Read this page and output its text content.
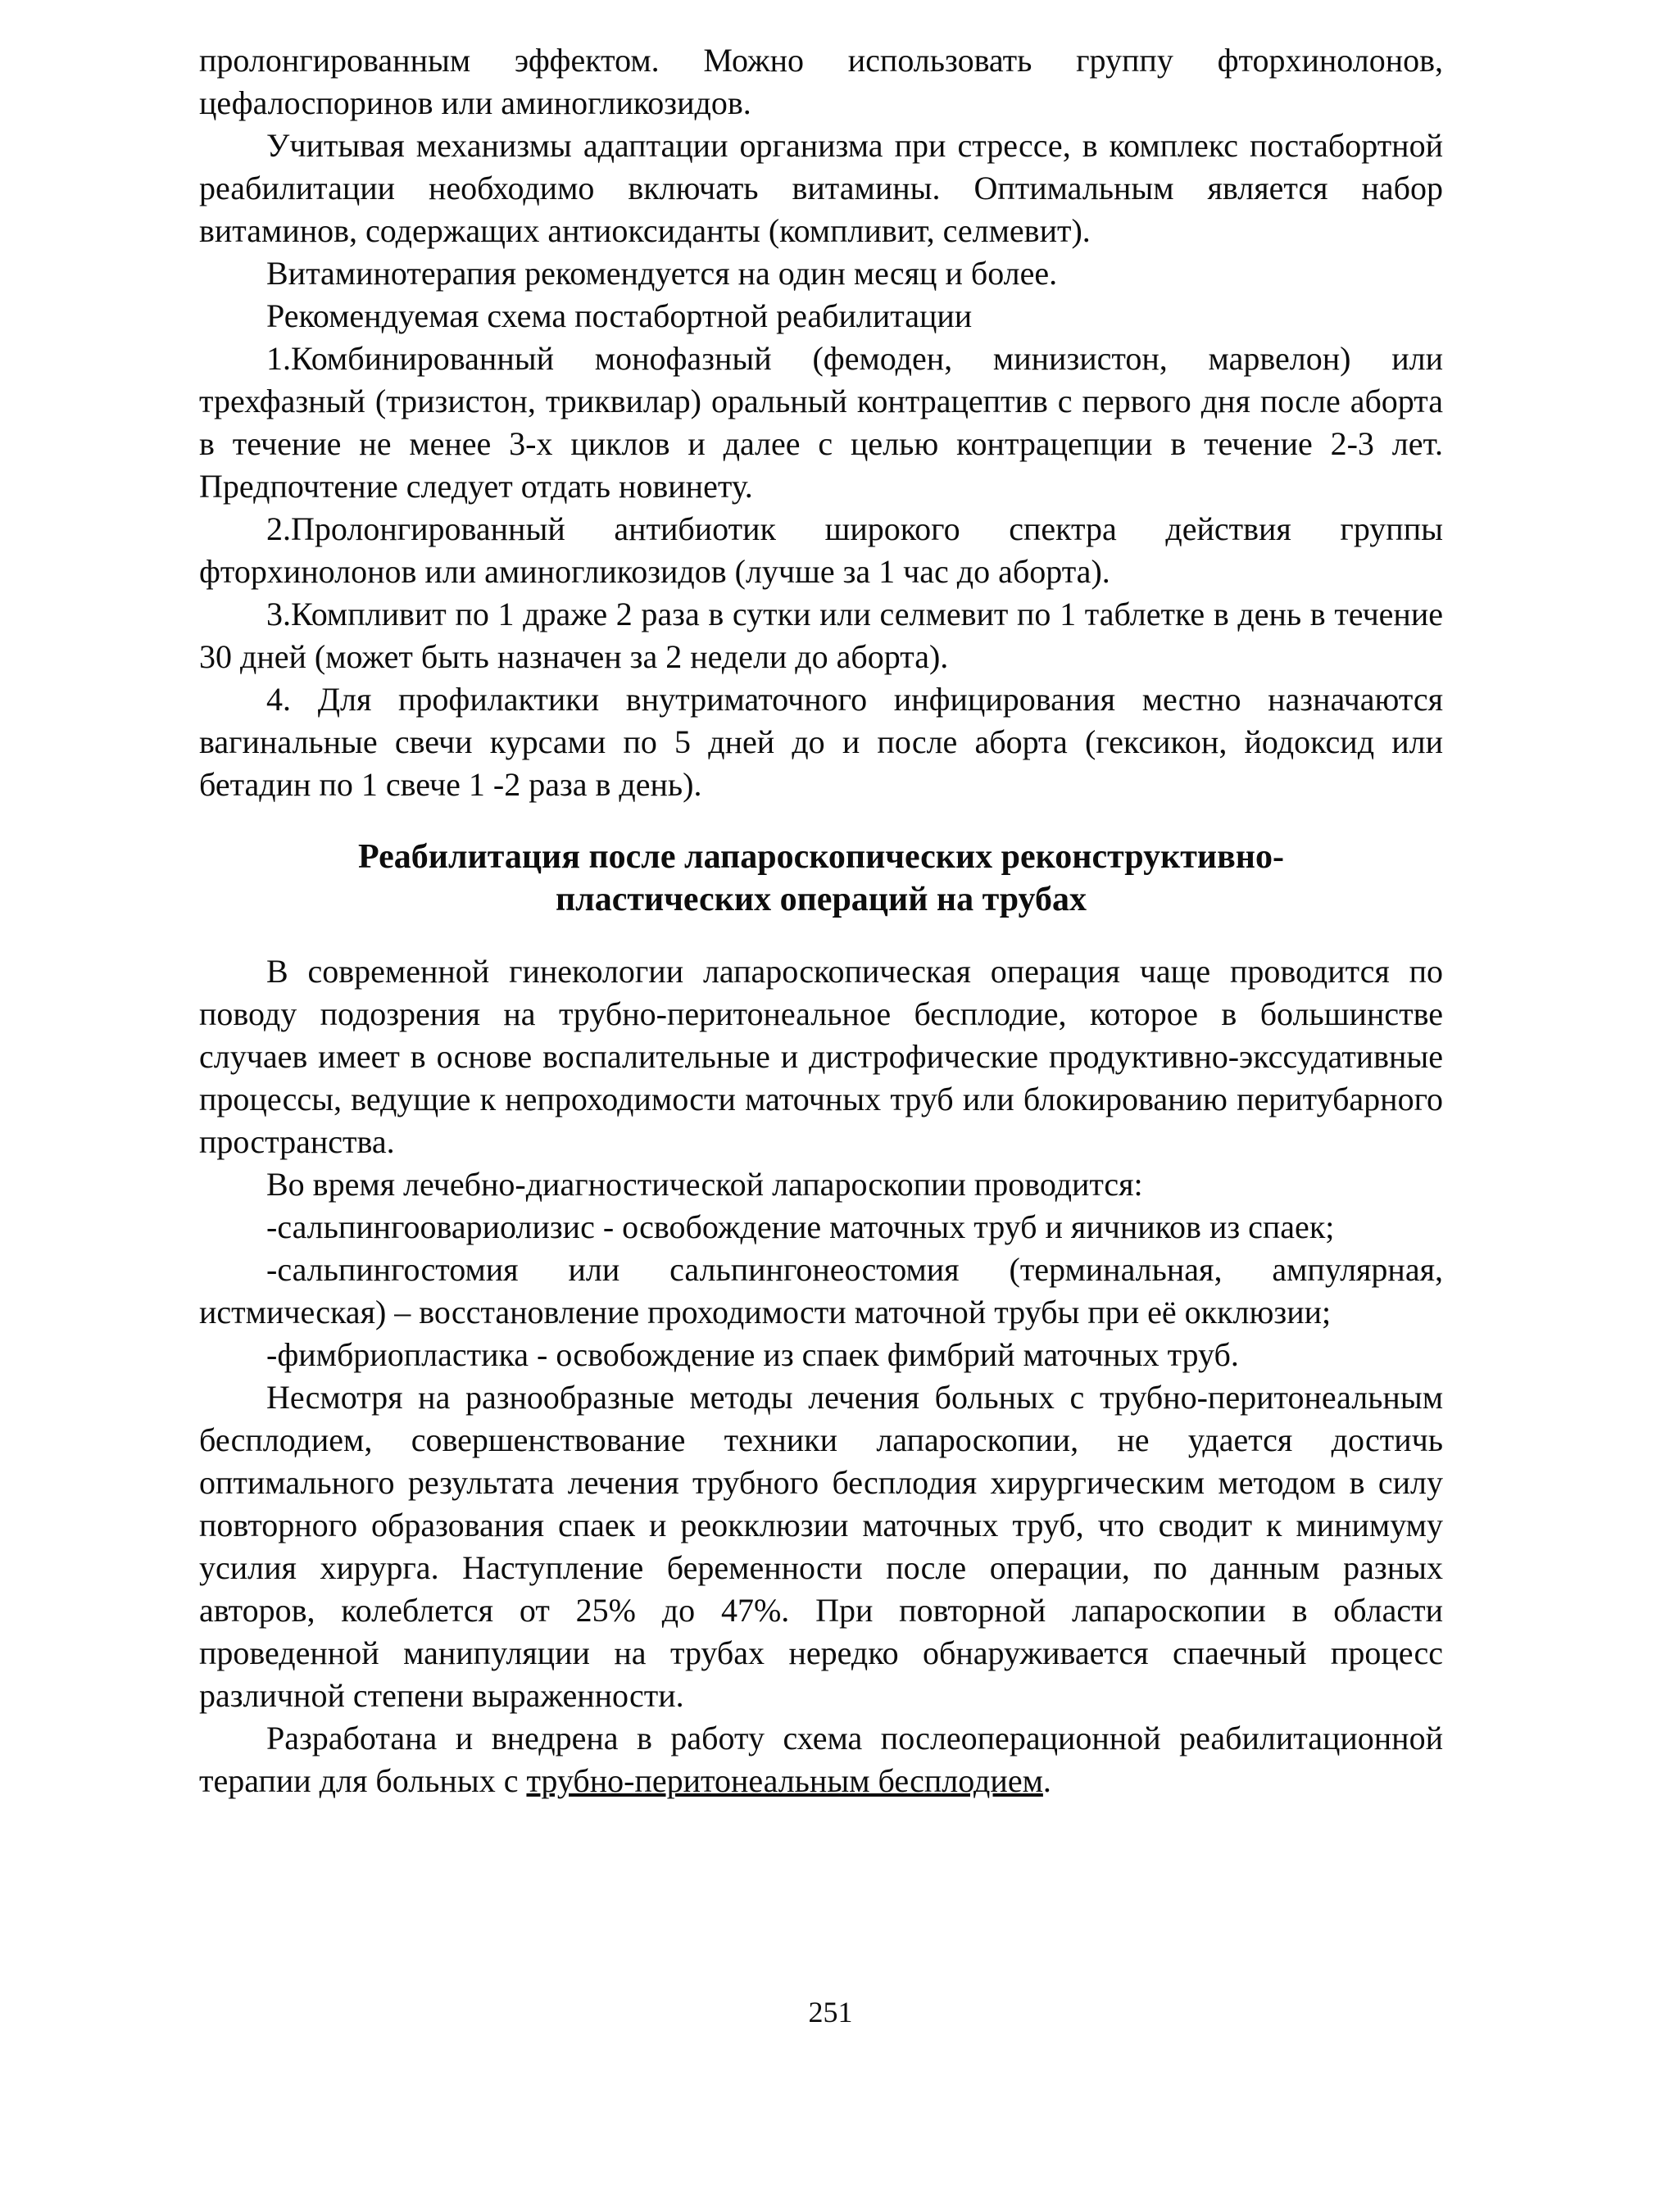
пролонгированным эффектом. Можно использовать группу фторхинолонов, цефалоспоринов или аминогликозидов.

Учитывая механизмы адаптации организма при стрессе, в комплекс постабортной реабилитации необходимо включать витамины. Оптимальным является набор витаминов, содержащих антиоксиданты (компливит, селмевит).

Витаминотерапия рекомендуется на один месяц и более.

Рекомендуемая схема постабортной реабилитации

1.Комбинированный монофазный (фемоден, минизистон, марвелон) или трехфазный (тризистон, триквилар) оральный контрацептив с первого дня после аборта в течение не менее 3-х циклов и далее с целью контрацепции в течение 2-3 лет. Предпочтение следует отдать новинету.

2.Пролонгированный антибиотик широкого спектра действия группы фторхинолонов или аминогликозидов (лучше за 1 час до аборта).

3.Компливит по 1 драже 2 раза в сутки или селмевит по 1 таблетке в день в течение 30 дней (может быть назначен за 2 недели до аборта).

4. Для профилактики внутриматочного инфицирования местно назначаются вагинальные свечи курсами по 5 дней до и после аборта (гексикон, йодоксид или бетадин по 1 свече 1 -2 раза в день).

Реабилитация после лапароскопических реконструктивно-
пластических операций на трубах

В современной гинекологии лапароскопическая операция чаще проводится по поводу подозрения на трубно-перитонеальное бесплодие, которое в большинстве случаев имеет в основе воспалительные и дистрофические продуктивно-экссудативные процессы, ведущие к непроходимости маточных труб или блокированию перитубарного пространства.

Во время лечебно-диагностической лапароскопии проводится:

-сальпингоовариолизис - освобождение маточных труб и яичников из спаек;

-сальпингостомия или сальпингонеостомия (терминальная, ампулярная, истмическая) – восстановление проходимости маточной трубы при её окклюзии;

-фимбриопластика - освобождение из спаек фимбрий маточных труб.

Несмотря на разнообразные методы лечения больных с трубно-перитонеальным бесплодием, совершенствование техники лапароскопии, не удается достичь оптимального результата лечения трубного бесплодия хирургическим методом в силу повторного образования спаек и реокклюзии маточных труб, что сводит к минимуму усилия хирурга. Наступление беременности после операции, по данным разных авторов, колеблется от 25% до 47%. При повторной лапароскопии в области проведенной манипуляции на трубах нередко обнаруживается спаечный процесс различной степени выраженности.

Разработана и внедрена в работу схема послеоперационной реабилитационной терапии для больных с трубно-перитонеальным бесплодием.

251
